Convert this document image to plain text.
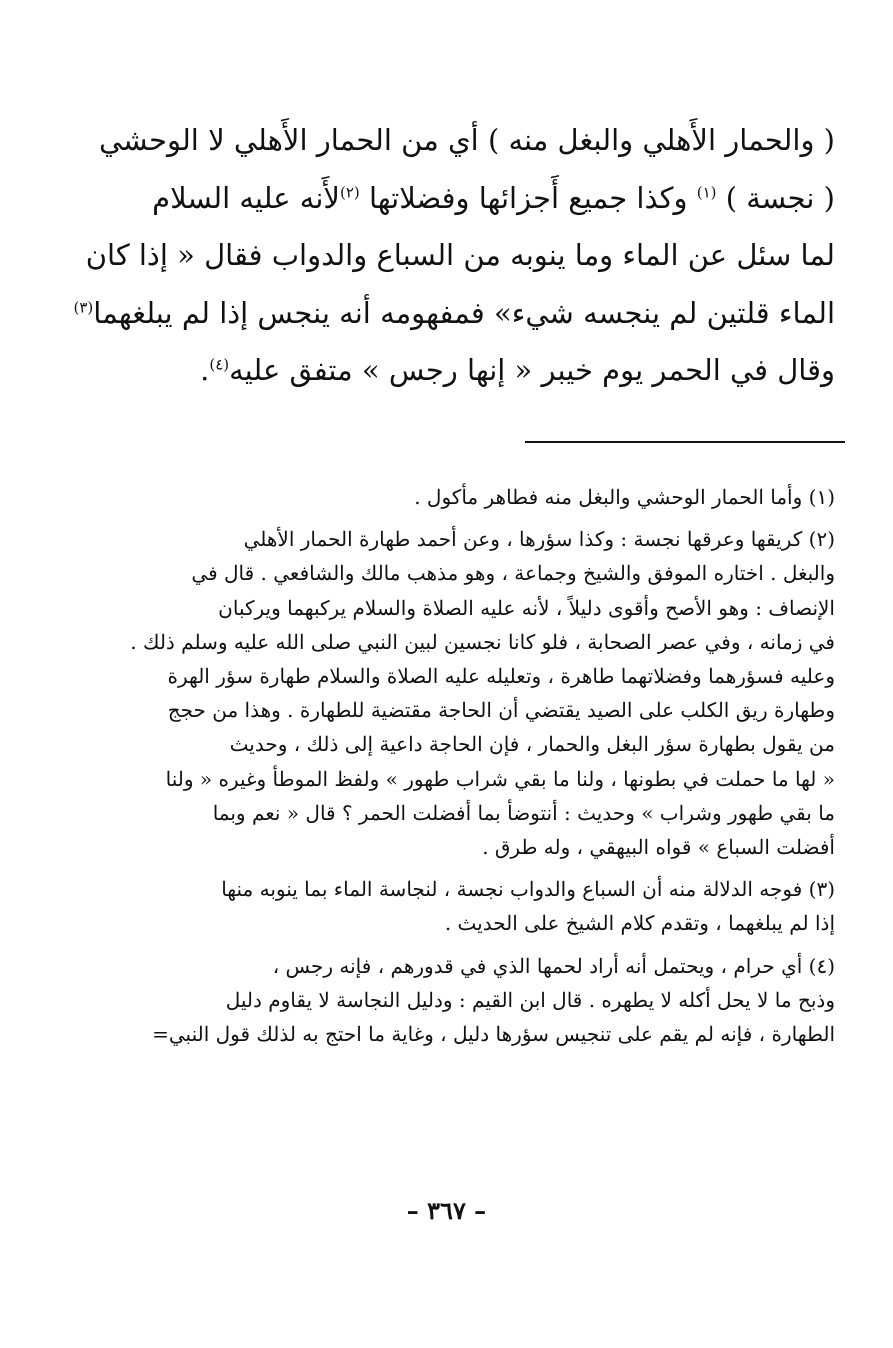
( والحمار الأَهلي والبغل منه ) أي من الحمار الأَهلي لا الوحشي
( نجسة ) $^{(١)}$ وكذا جميع أَجزائها وفضلاتها $^{(٢)}$لأَنه عليه السلام
لما سئل عن الماء وما ينوبه من السباع والدواب فقال « إذا كان
الماء قلتين لم ينجسه شيء» فمفهومه أنه ينجس إذا لم يبلغهما$^{(٣)}$
وقال في الحمر يوم خيبر « إنها رجس » متفق عليه$^{(٤)}$.
(١) وأما الحمار الوحشي والبغل منه فطاهر مأكول .
(٢) كريقها وعرقها نجسة : وكذا سؤرها ، وعن أحمد طهارة الحمار الأهلي
والبغل . اختاره الموفق والشيخ وجماعة ، وهو مذهب مالك والشافعي . قال في
الإنصاف : وهو الأصح وأقوى دليلاً ، لأنه عليه الصلاة والسلام يركبهما ويركبان
في زمانه ، وفي عصر الصحابة ، فلو كانا نجسين لبين النبي صلى الله عليه وسلم ذلك .
وعليه فسؤرهما وفضلاتهما طاهرة ، وتعليله عليه الصلاة والسلام طهارة سؤر الهرة
وطهارة ريق الكلب على الصيد يقتضي أن الحاجة مقتضية للطهارة . وهذا من حجج
من يقول بطهارة سؤر البغل والحمار ، فإن الحاجة داعية إلى ذلك ، وحديث
« لها ما حملت في بطونها ، ولنا ما بقي شراب طهور » ولفظ الموطأ وغيره « ولنا
ما بقي طهور وشراب » وحديث : أنتوضأ بما أفضلت الحمر ؟ قال « نعم وبما
أفضلت السباع » قواه البيهقي ، وله طرق .
(٣) فوجه الدلالة منه أن السباع والدواب نجسة ، لنجاسة الماء بما ينوبه منها
إذا لم يبلغهما ، وتقدم كلام الشيخ على الحديث .
(٤) أي حرام ، ويحتمل أنه أراد لحمها الذي في قدورهم ، فإنه رجس ،
وذبح ما لا يحل أكله لا يطهره . قال ابن القيم : ودليل النجاسة لا يقاوم دليل
الطهارة ، فإنه لم يقم على تنجيس سؤرها دليل ، وغاية ما احتج به لذلك قول النبي=
– ٣٦٧ –
